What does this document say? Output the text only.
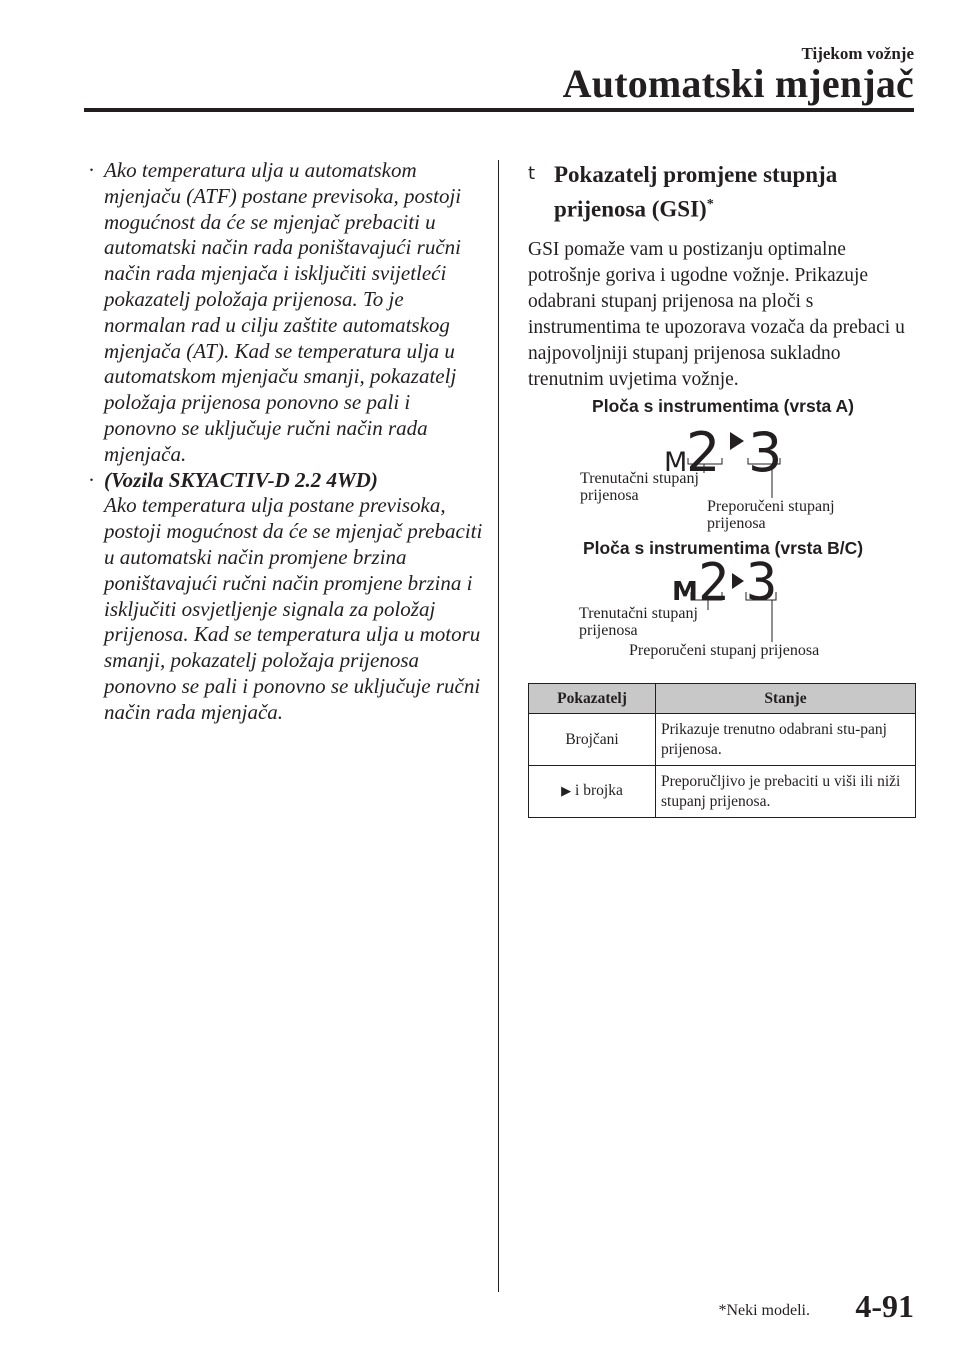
Tijekom vožnje
Automatski mjenjač
· Ako temperatura ulja u automatskom mjenjaču (ATF) postane previsoka, postoji mogućnost da će se mjenjač prebaciti u automatski način rada poništavajući ručni način rada mjenjača i isključiti svijetleći pokazatelj položaja prijenosa. To je normalan rad u cilju zaštite automatskog mjenjača (AT). Kad se temperatura ulja u automatskom mjenjaču smanji, pokazatelj položaja prijenosa ponovno se pali i ponovno se uključuje ručni način rada mjenjača.
· (Vozila SKYACTIV-D 2.2 4WD)
Ako temperatura ulja postane previsoka, postoji mogućnost da će se mjenjač prebaciti u automatski način promjene brzina poništavajući ručni način promjene brzina i isključiti osvjetljenje signala za položaj prijenosa. Kad se temperatura ulja u motoru smanji, pokazatelj položaja prijenosa ponovno se pali i ponovno se uključuje ručni način rada mjenjača.
t Pokazatelj promjene stupnja prijenosa (GSI)*
GSI pomaže vam u postizanju optimalne potrošnje goriva i ugodne vožnje. Prikazuje odabrani stupanj prijenosa na ploči s instrumentima te upozorava vozača da prebaci u najpovoljniji stupanj prijenosa sukladno trenutnim uvjetima vožnje.
Ploča s instrumentima (vrsta A)
M
2 3
Trenutačni stupanj
prijenosa
Preporučeni stupanj
prijenosa
Ploča s instrumentima (vrsta B/C)
M 2 3
Trenutačni stupanj
prijenosa
Preporučeni stupanj prijenosa
Pokazatelj	Stanje
Brojčani	Prikazuje trenutno odabrani stu-panj prijenosa.
▶ i brojka	Preporučljivo je prebaciti u viši ili niži stupanj prijenosa.
*Neki modeli. 4-91
